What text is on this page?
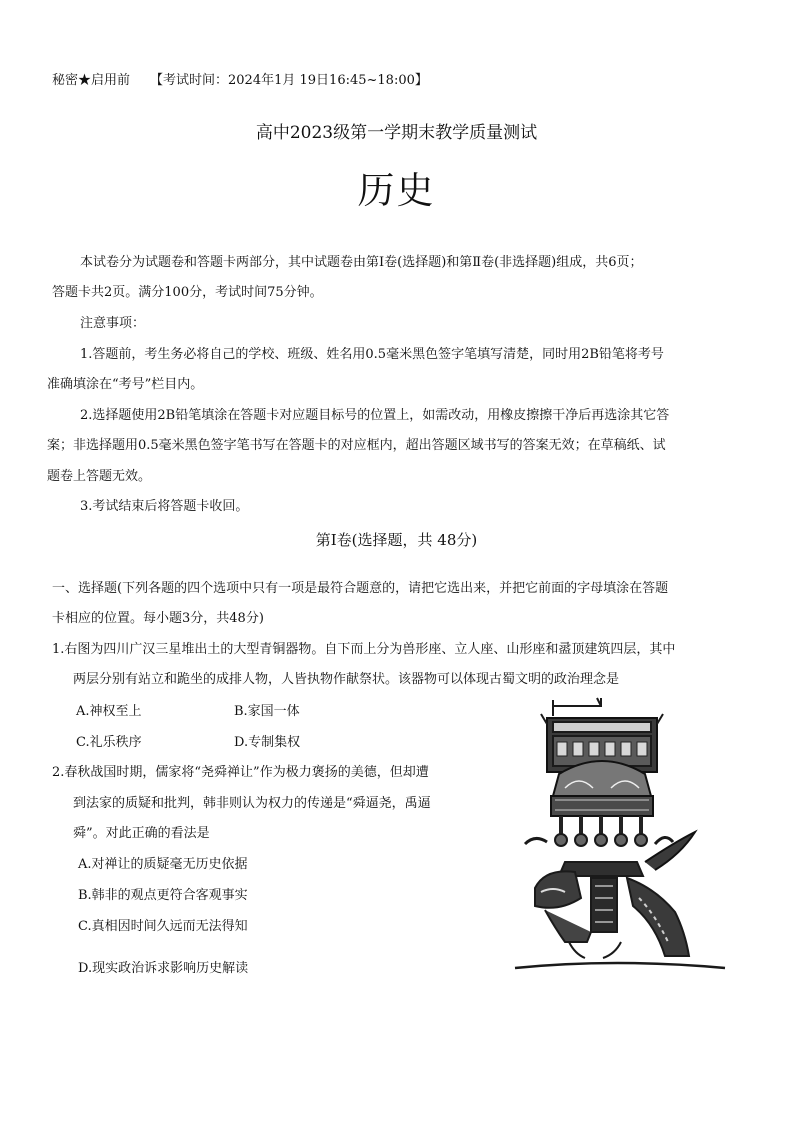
秘密★启用前 【考试时间：2024年1月 19日16:45~18:00】
高中2023级第一学期末教学质量测试
历史
本试卷分为试题卷和答题卡两部分，其中试题卷由第Ⅰ卷(选择题)和第Ⅱ卷(非选择题)组成，共6页；
答题卡共2页。满分100分，考试时间75分钟。
注意事项：
1.答题前，考生务必将自己的学校、班级、姓名用0.5毫米黑色签字笔填写清楚，同时用2B铅笔将考号
准确填涂在“考号”栏目内。
2.选择题使用2B铅笔填涂在答题卡对应题目标号的位置上，如需改动，用橡皮擦擦干净后再选涂其它答
案；非选择题用0.5毫米黑色签字笔书写在答题卡的对应框内，超出答题区域书写的答案无效；在草稿纸、试
题卷上答题无效。
3.考试结束后将答题卡收回。
第Ⅰ卷(选择题，共 48分)
一、选择题(下列各题的四个选项中只有一项是最符合题意的，请把它选出来，并把它前面的字母填涂在答题
卡相应的位置。每小题3分，共48分)
1.右图为四川广汉三星堆出土的大型青铜器物。自下而上分为兽形座、立人座、山形座和盝顶建筑四层，其中
两层分别有站立和跪坐的成排人物，人皆执物作献祭状。该器物可以体现古蜀文明的政治理念是
A.神权至上	B.家国一体
C.礼乐秩序	D.专制集权
2.春秋战国时期，儒家将“尧舜禅让”作为极力褒扬的美德，但却遭
到法家的质疑和批判，韩非则认为权力的传递是“舜逼尧，禹逼
舜”。对此正确的看法是
A.对禅让的质疑毫无历史依据
B.韩非的观点更符合客观事实
C.真相因时间久远而无法得知
D.现实政治诉求影响历史解读
